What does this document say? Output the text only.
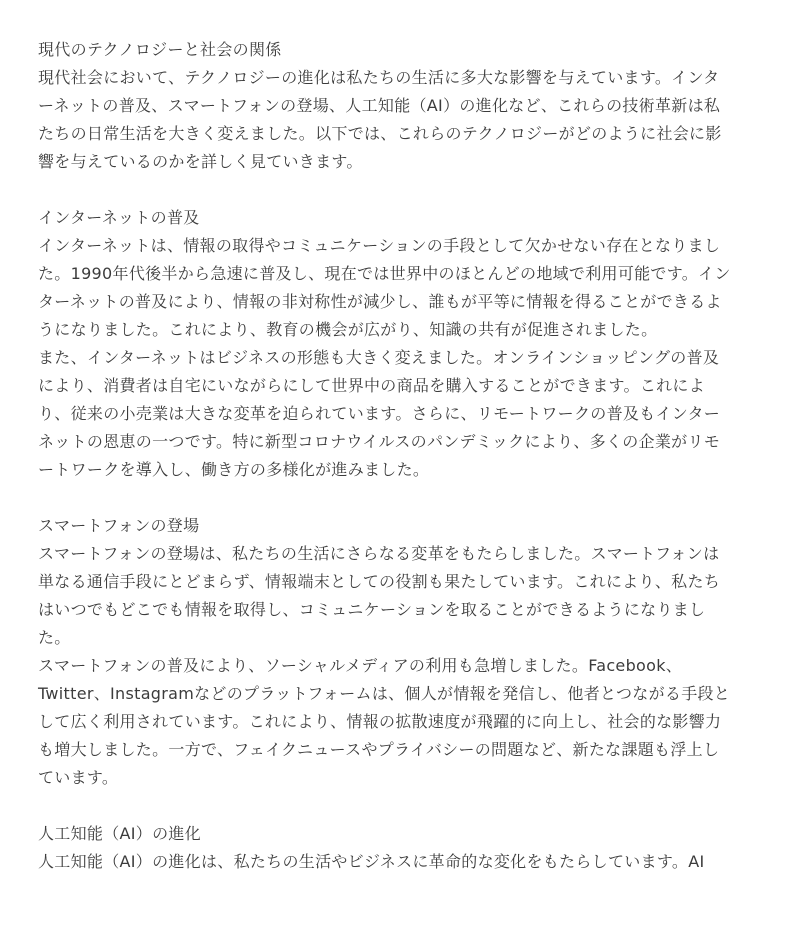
現代のテクノロジーと社会の関係
現代社会において、テクノロジーの進化は私たちの生活に多大な影響を与えています。インタ
ーネットの普及、スマートフォンの登場、人工知能（AI）の進化など、これらの技術革新は私
たちの日常生活を大きく変えました。以下では、これらのテクノロジーがどのように社会に影
響を与えているのかを詳しく見ていきます。
インターネットの普及
インターネットは、情報の取得やコミュニケーションの手段として欠かせない存在となりまし
た。1990年代後半から急速に普及し、現在では世界中のほとんどの地域で利用可能です。イン
ターネットの普及により、情報の非対称性が減少し、誰もが平等に情報を得ることができるよ
うになりました。これにより、教育の機会が広がり、知識の共有が促進されました。
また、インターネットはビジネスの形態も大きく変えました。オンラインショッピングの普及
により、消費者は自宅にいながらにして世界中の商品を購入することができます。これによ
り、従来の小売業は大きな変革を迫られています。さらに、リモートワークの普及もインター
ネットの恩恵の一つです。特に新型コロナウイルスのパンデミックにより、多くの企業がリモ
ートワークを導入し、働き方の多様化が進みました。
スマートフォンの登場
スマートフォンの登場は、私たちの生活にさらなる変革をもたらしました。スマートフォンは
単なる通信手段にとどまらず、情報端末としての役割も果たしています。これにより、私たち
はいつでもどこでも情報を取得し、コミュニケーションを取ることができるようになりまし
た。
スマートフォンの普及により、ソーシャルメディアの利用も急増しました。Facebook、
Twitter、Instagramなどのプラットフォームは、個人が情報を発信し、他者とつながる手段と
して広く利用されています。これにより、情報の拡散速度が飛躍的に向上し、社会的な影響力
も増大しました。一方で、フェイクニュースやプライバシーの問題など、新たな課題も浮上し
ています。
人工知能（AI）の進化
人工知能（AI）の進化は、私たちの生活やビジネスに革命的な変化をもたらしています。AI
